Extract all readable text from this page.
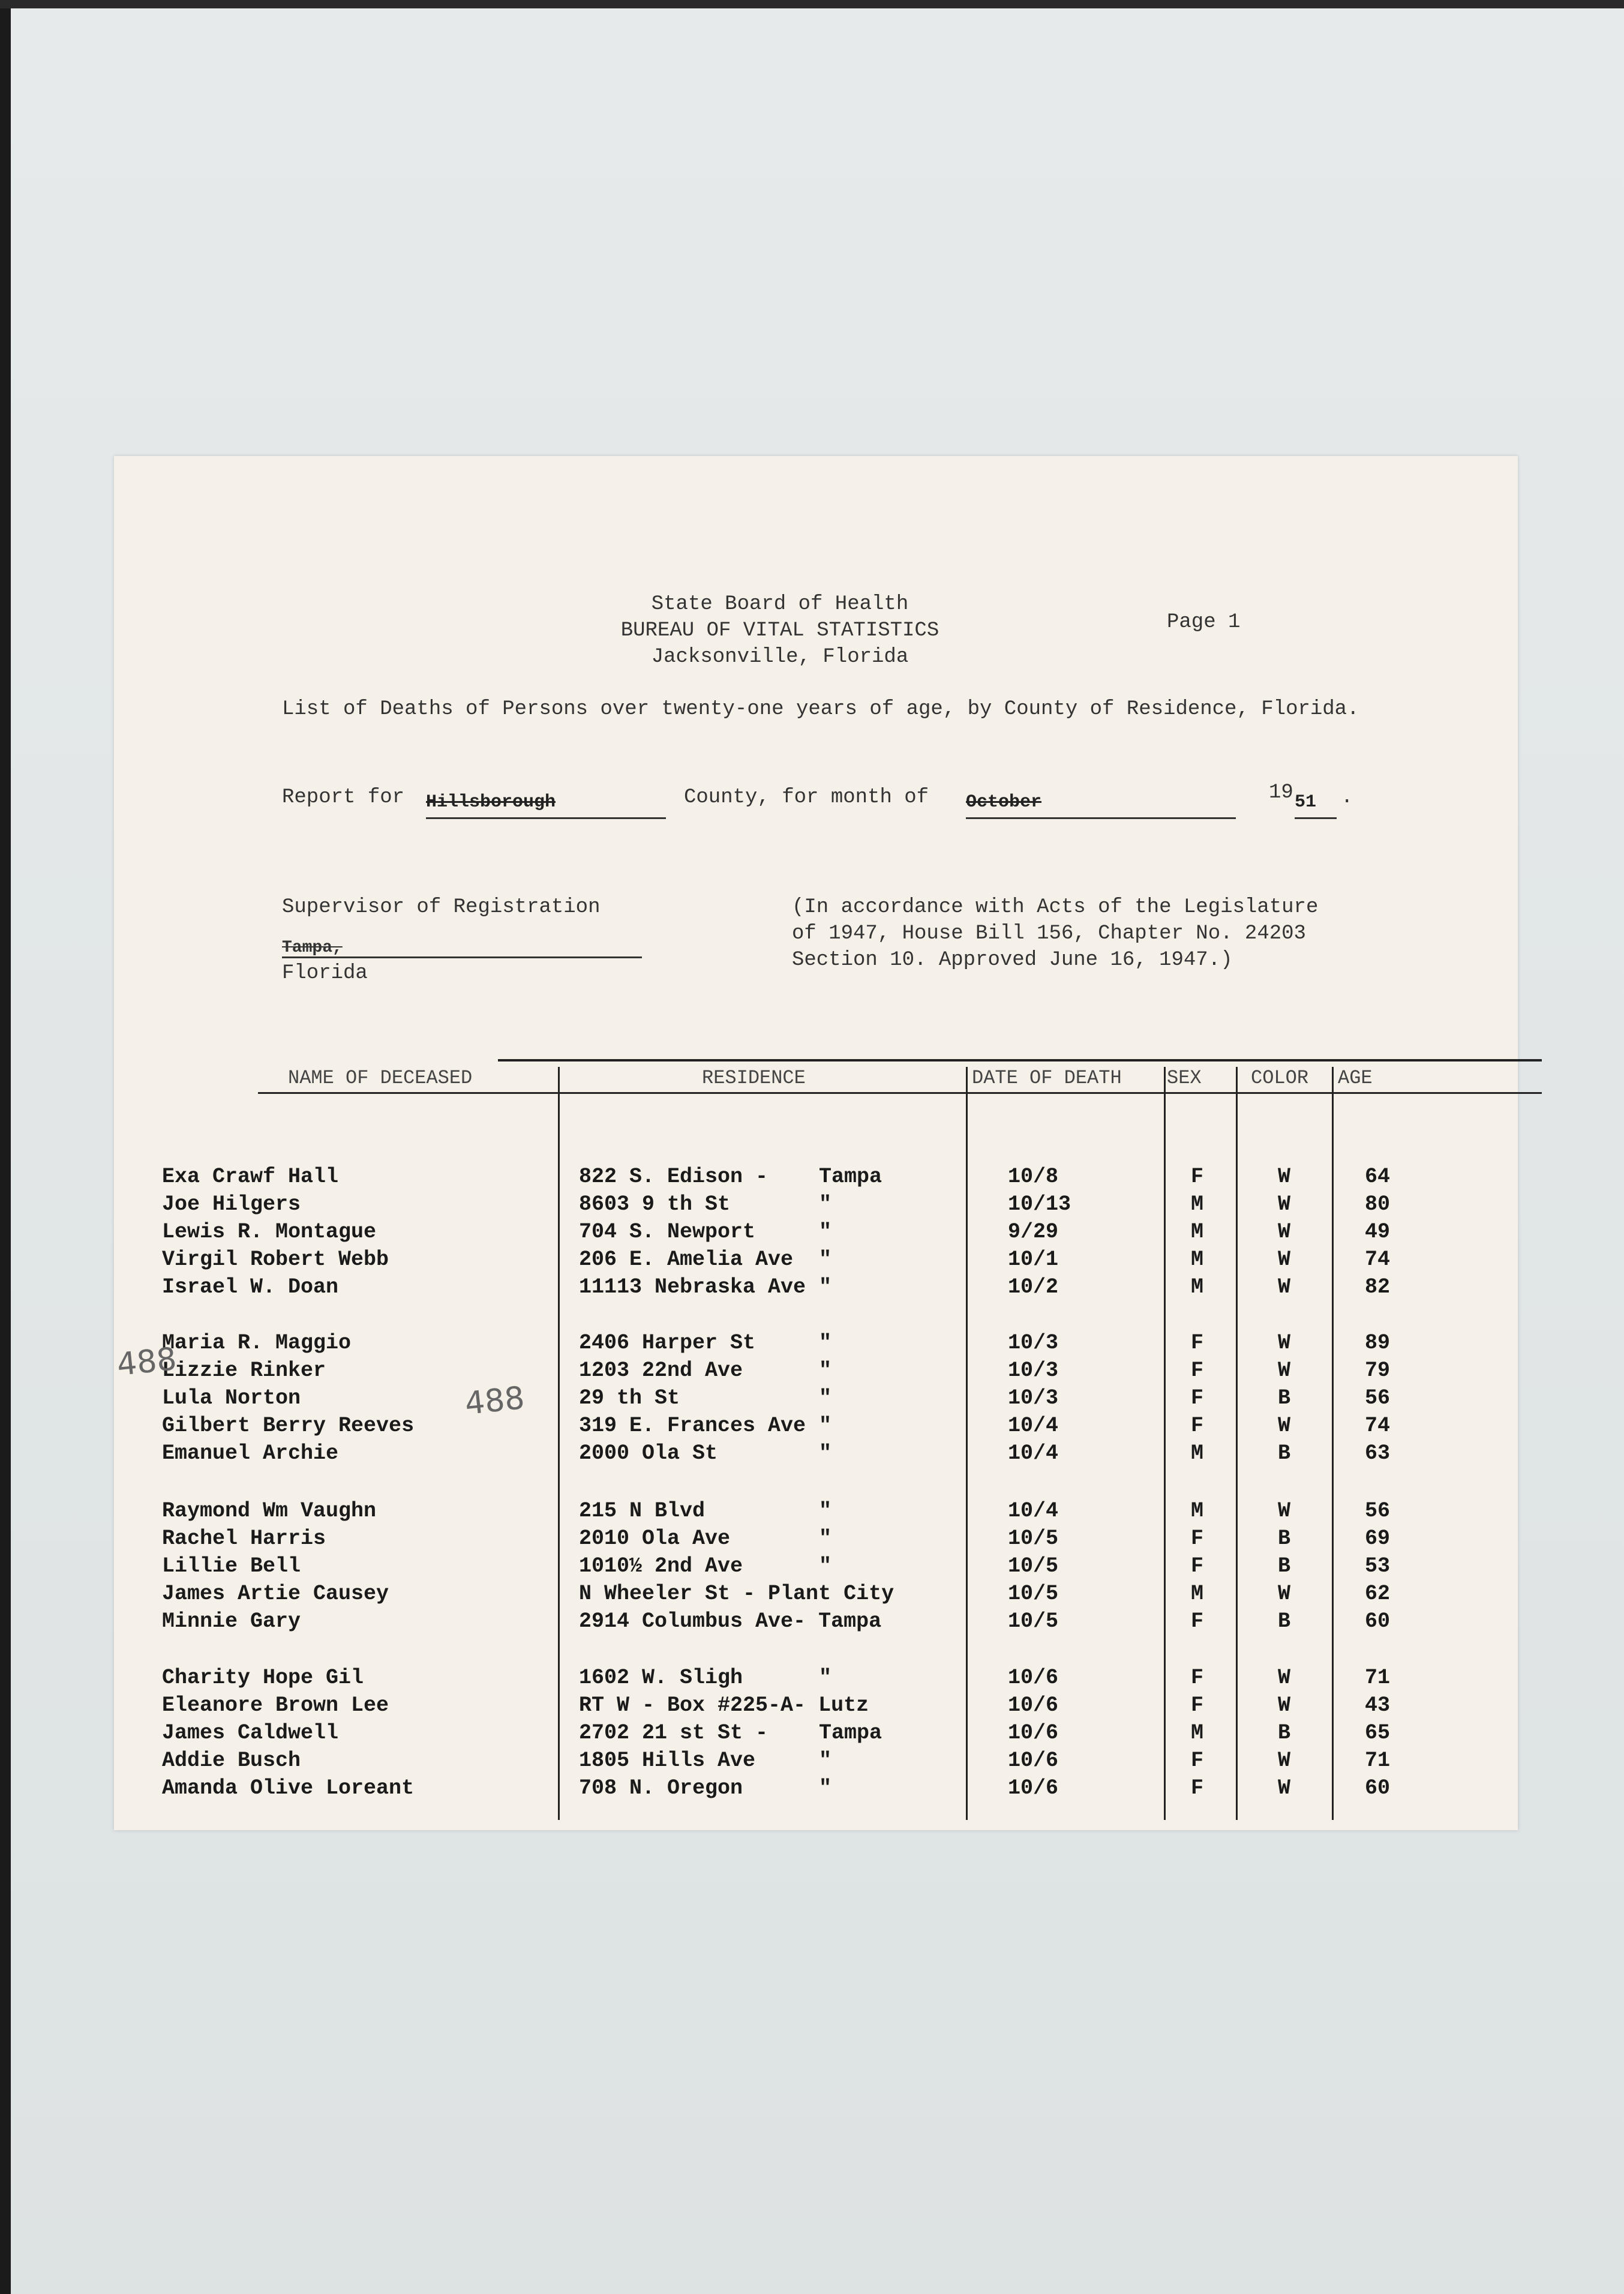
State Board of Health
BUREAU OF VITAL STATISTICS
Jacksonville, Florida
Page 1
List of Deaths of Persons over twenty-one years of age, by County of Residence, Florida.
Report for Hillsborough	County, for month of October	19 51	.
Supervisor of Registration
Tampa,
Florida
(In accordance with Acts of the Legislature
of 1947, House Bill 156, Chapter No. 24203
Section 10. Approved June 16, 1947.)
NAME OF DECEASED	RESIDENCE	DATE OF DEATH SEX	COLOR AGE
Exa Crawf Hall	822 S. Edison - Tampa	10/8	F	W	64
Joe Hilgers	8603 9 th St	"	10/13	M	W	80
Lewis R. Montague	704 S. Newport	"	9/29	M	W	49
Virgil Robert Webb	206 E. Amelia Ave "	10/1	M	W	74
Israel W. Doan	11113 Nebraska Ave "	10/2	M	W	82
Maria R. Maggio	2406 Harper St	"	10/3	F	W	89
Lizzie Rinker	1203 22nd Ave	"	10/3	F	W	79
Lula Norton	29 th St	"	10/3	F	B	56
Gilbert Berry Reeves	319 E. Frances Ave "	10/4	F	W	74
Emanuel Archie	2000 Ola St	"	10/4	M	B	63
Raymond Wm Vaughn	215 N Blvd	"	10/4	M	W	56
Rachel Harris	2010 Ola Ave	"	10/5	F	B	69
Lillie Bell	1010½ 2nd Ave	"	10/5	F	B	53
James Artie Causey	N Wheeler St - Plant City	10/5	M	W	62
Minnie Gary	2914 Columbus Ave- Tampa	10/5	F	B	60
Charity Hope Gil	1602 W. Sligh	"	10/6	F	W	71
Eleanore Brown Lee	RT W - Box #225-A- Lutz	10/6	F	W	43
James Caldwell	2702 21 st St - Tampa	10/6	M	B	65
Addie Busch	1805 Hills Ave	"	10/6	F	W	71
Amanda Olive Loreant	708 N. Oregon	"	10/6	F	W	60
488
488
